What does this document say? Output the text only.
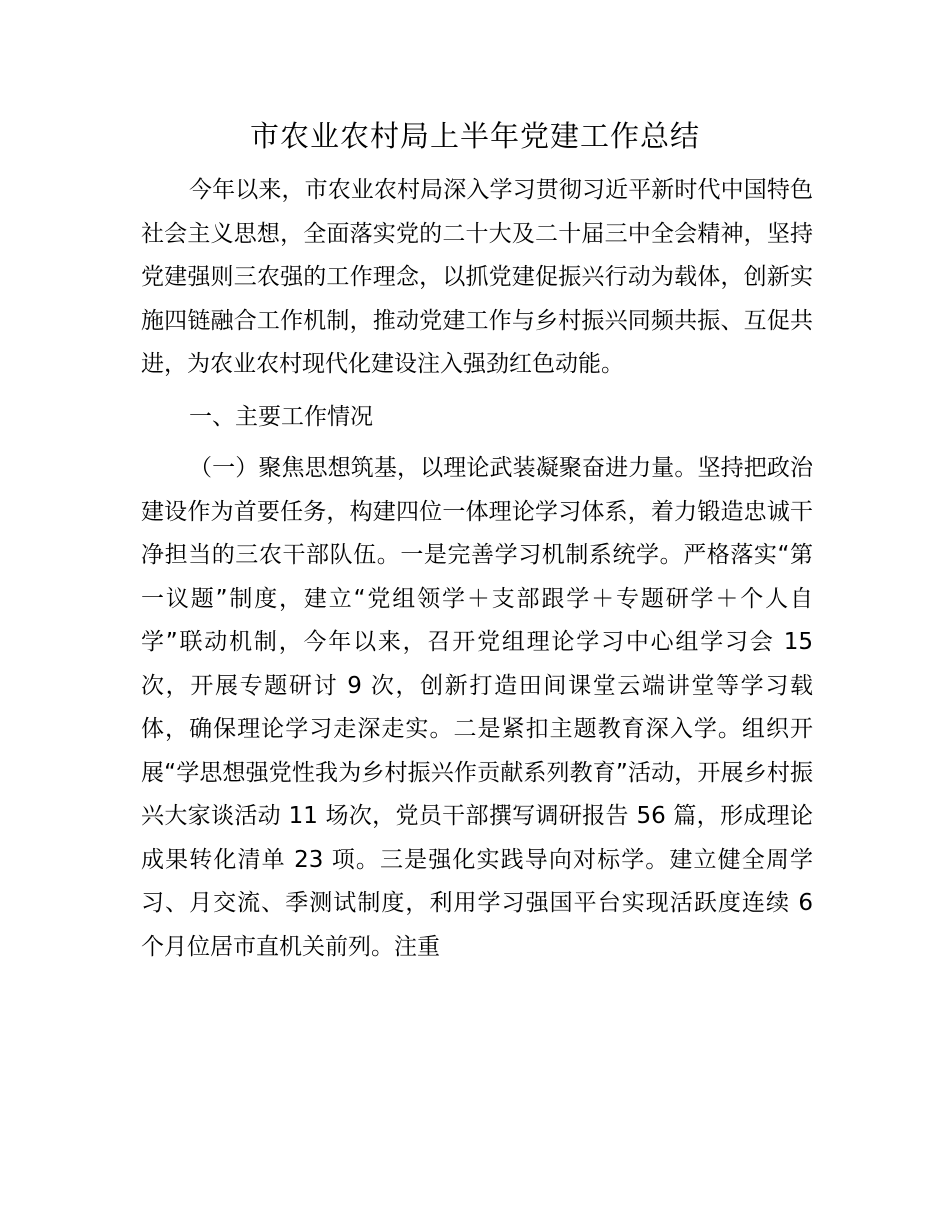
市农业农村局上半年党建工作总结

今年以来，市农业农村局深入学习贯彻习近平新时代中国特色社会主义思想，全面落实党的二十大及二十届三中全会精神，坚持党建强则三农强的工作理念，以抓党建促振兴行动为载体，创新实施四链融合工作机制，推动党建工作与乡村振兴同频共振、互促共进，为农业农村现代化建设注入强劲红色动能。

一、主要工作情况

（一）聚焦思想筑基，以理论武装凝聚奋进力量。坚持把政治建设作为首要任务，构建四位一体理论学习体系，着力锻造忠诚干净担当的三农干部队伍。一是完善学习机制系统学。严格落实“第一议题”制度，建立“党组领学＋支部跟学＋专题研学＋个人自学”联动机制，今年以来，召开党组理论学习中心组学习会 15 次，开展专题研讨 9 次，创新打造田间课堂云端讲堂等学习载体，确保理论学习走深走实。二是紧扣主题教育深入学。组织开展“学思想强党性我为乡村振兴作贡献系列教育”活动，开展乡村振兴大家谈活动 11 场次，党员干部撰写调研报告 56 篇，形成理论成果转化清单 23 项。三是强化实践导向对标学。建立健全周学习、月交流、季测试制度，利用学习强国平台实现活跃度连续 6 个月位居市直机关前列。注重
